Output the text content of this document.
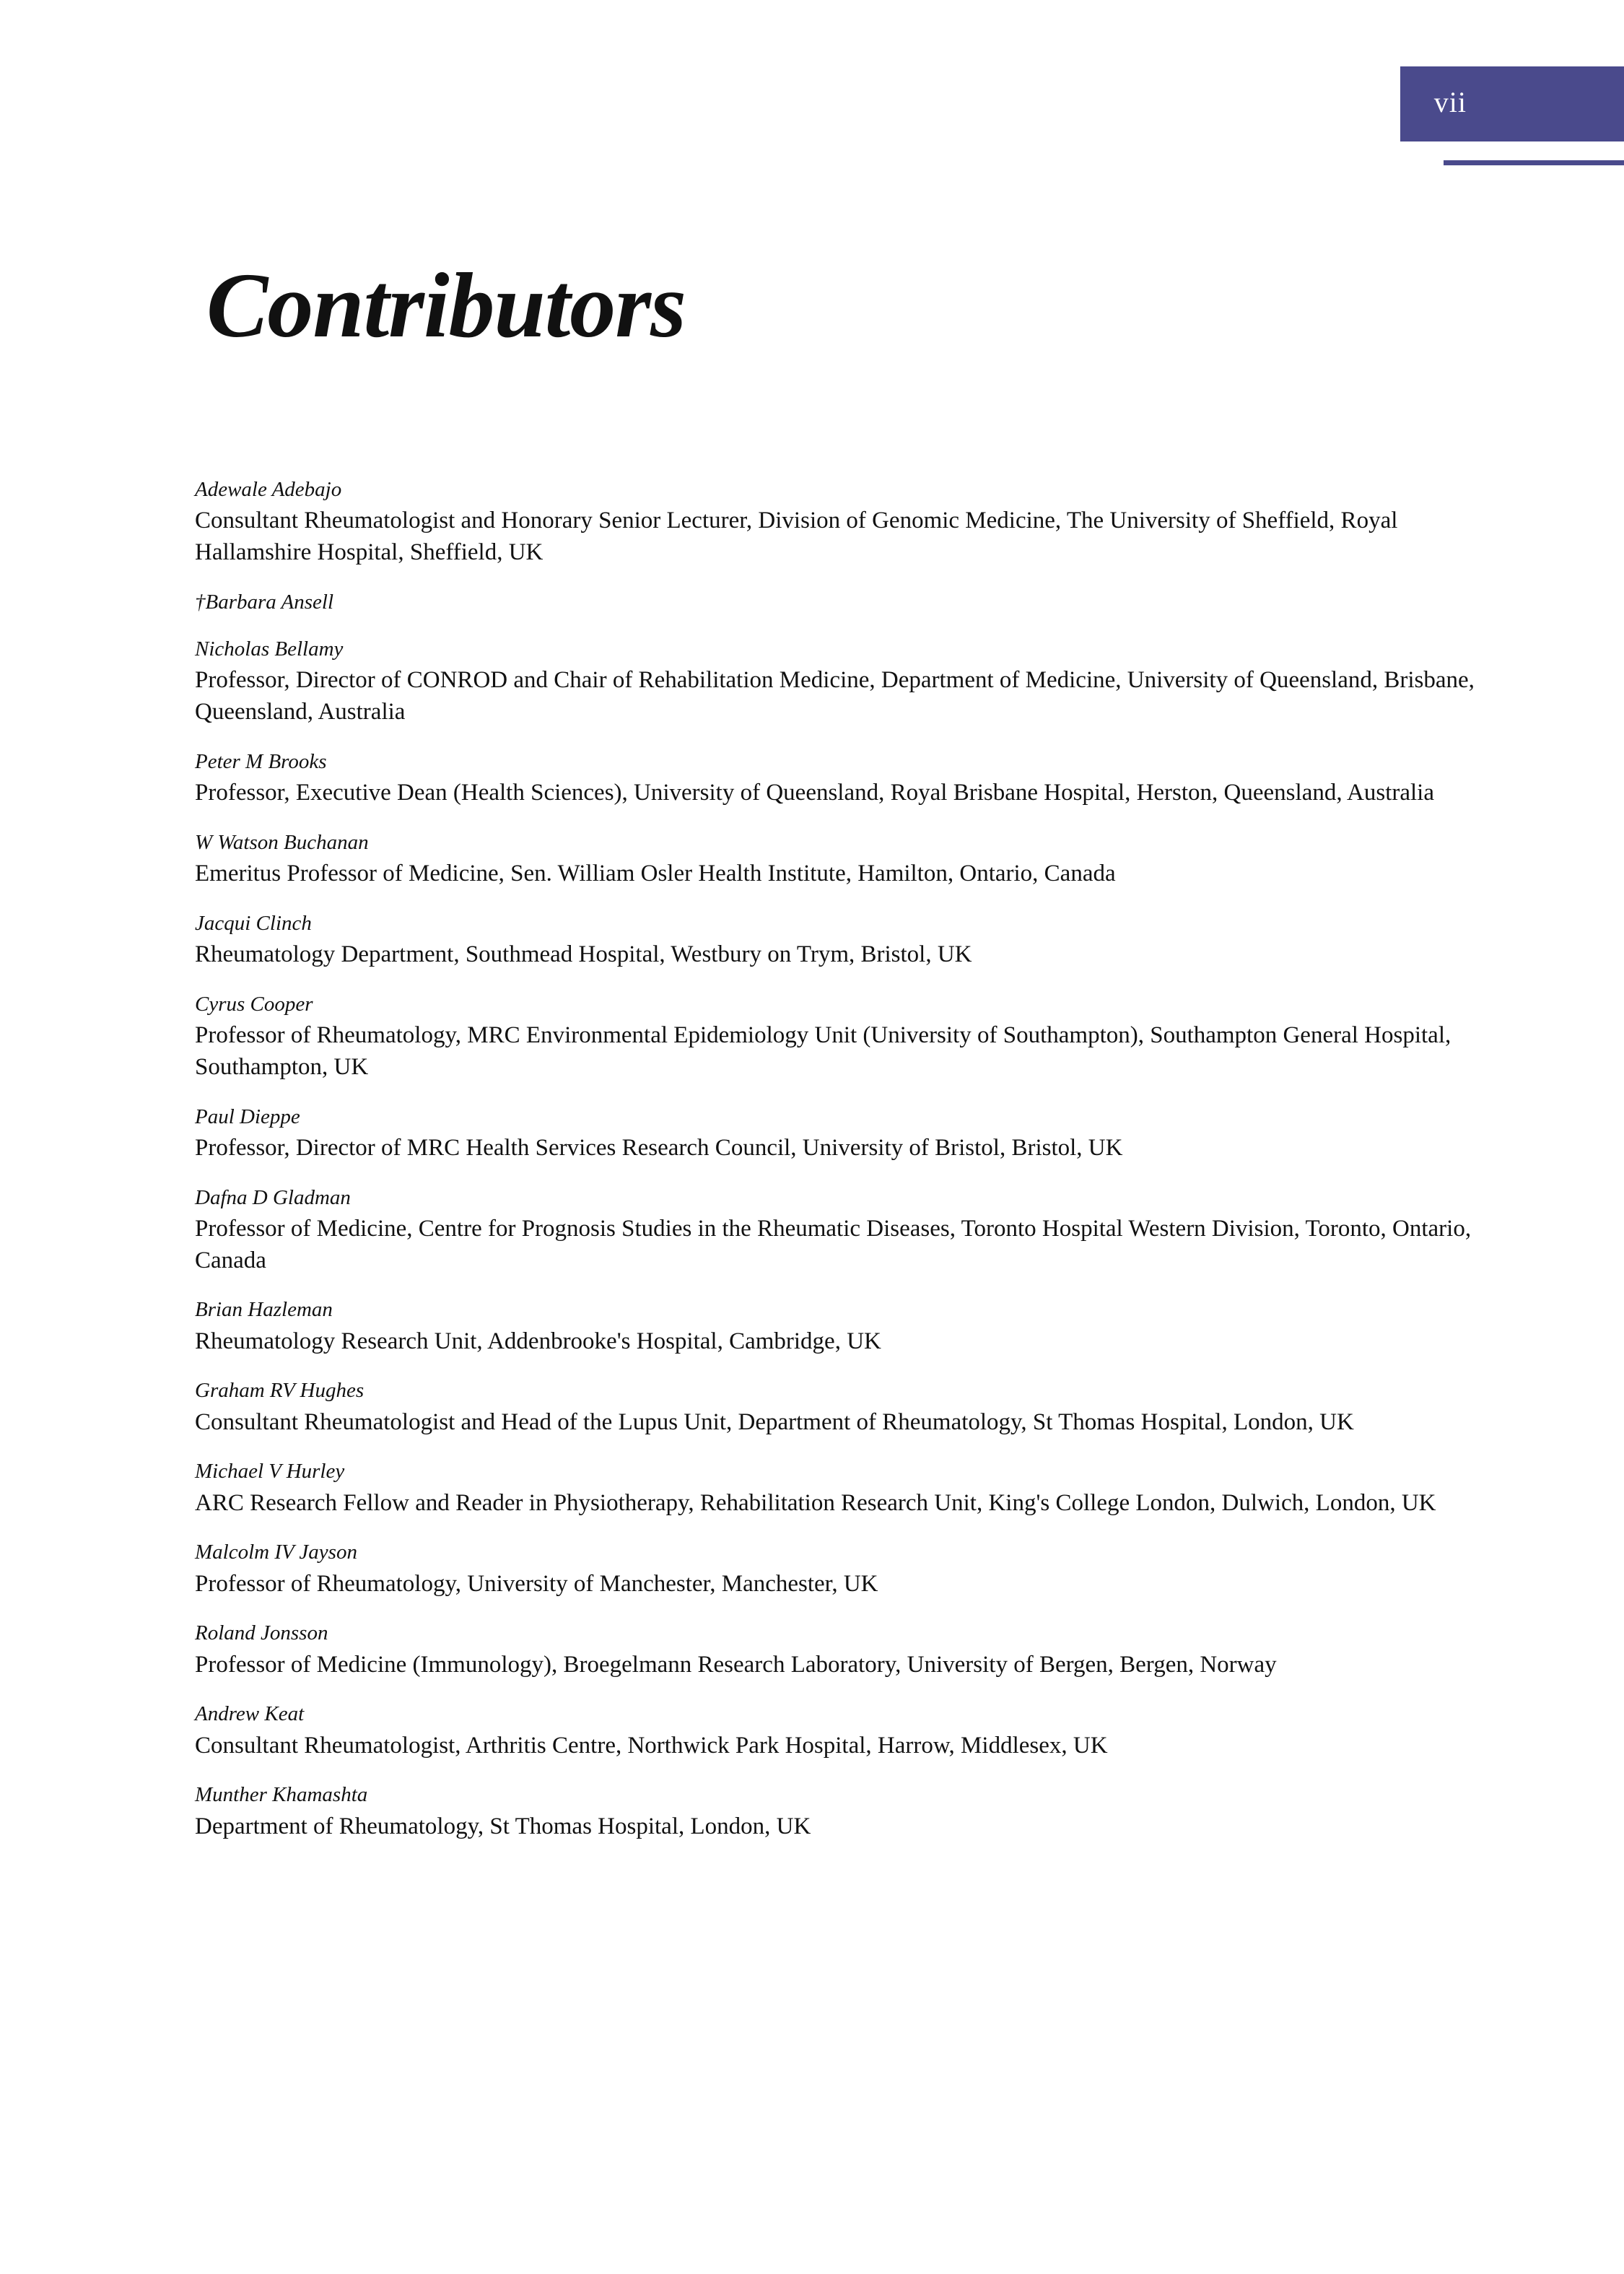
vii
Contributors
Adewale Adebajo
Consultant Rheumatologist and Honorary Senior Lecturer, Division of Genomic Medicine, The University of Sheffield, Royal Hallamshire Hospital, Sheffield, UK
†Barbara Ansell
Nicholas Bellamy
Professor, Director of CONROD and Chair of Rehabilitation Medicine, Department of Medicine, University of Queensland, Brisbane, Queensland, Australia
Peter M Brooks
Professor, Executive Dean (Health Sciences), University of Queensland, Royal Brisbane Hospital, Herston, Queensland, Australia
W Watson Buchanan
Emeritus Professor of Medicine, Sen. William Osler Health Institute, Hamilton, Ontario, Canada
Jacqui Clinch
Rheumatology Department, Southmead Hospital, Westbury on Trym, Bristol, UK
Cyrus Cooper
Professor of Rheumatology, MRC Environmental Epidemiology Unit (University of Southampton), Southampton General Hospital, Southampton, UK
Paul Dieppe
Professor, Director of MRC Health Services Research Council, University of Bristol, Bristol, UK
Dafna D Gladman
Professor of Medicine, Centre for Prognosis Studies in the Rheumatic Diseases, Toronto Hospital Western Division, Toronto, Ontario, Canada
Brian Hazleman
Rheumatology Research Unit, Addenbrooke's Hospital, Cambridge, UK
Graham RV Hughes
Consultant Rheumatologist and Head of the Lupus Unit, Department of Rheumatology, St Thomas Hospital, London, UK
Michael V Hurley
ARC Research Fellow and Reader in Physiotherapy, Rehabilitation Research Unit, King's College London, Dulwich, London, UK
Malcolm IV Jayson
Professor of Rheumatology, University of Manchester, Manchester, UK
Roland Jonsson
Professor of Medicine (Immunology), Broegelmann Research Laboratory, University of Bergen, Bergen, Norway
Andrew Keat
Consultant Rheumatologist, Arthritis Centre, Northwick Park Hospital, Harrow, Middlesex, UK
Munther Khamashta
Department of Rheumatology, St Thomas Hospital, London, UK
